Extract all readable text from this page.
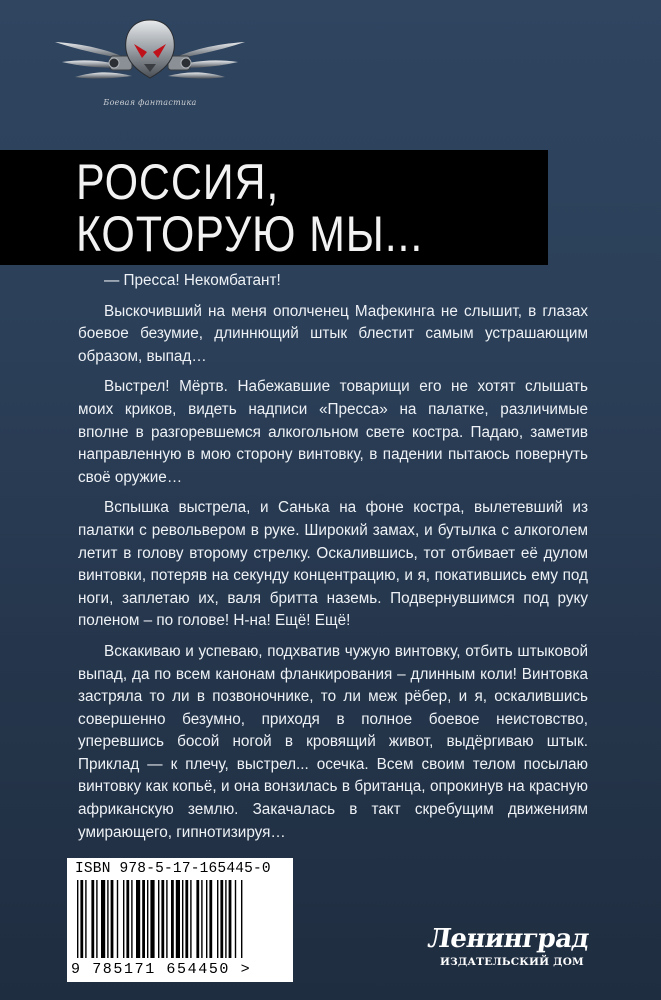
Боевая фантастика
РОССИЯ,
КОТОРУЮ МЫ...

— Пресса! Некомбатант!

Выскочивший на меня ополченец Мафекинга не слышит, в глазах боевое безумие, длиннющий штык блестит самым устрашающим образом, выпад…

Выстрел! Мёртв. Набежавшие товарищи его не хотят слышать моих криков, видеть надписи «Пресса» на палатке, различимые вполне в разгоревшемся алкогольном свете костра. Падаю, заметив направленную в мою сторону винтовку, в падении пытаюсь повернуть своё оружие…

Вспышка выстрела, и Санька на фоне костра, вылетевший из палатки с револьвером в руке. Широкий замах, и бутылка с алкоголем летит в голову второму стрелку. Оскалившись, тот отбивает её дулом винтовки, потеряв на секунду концентрацию, и я, покатившись ему под ноги, заплетаю их, валя бритта наземь. Подвернувшимся под руку поленом – по голове! Н-на! Ещё! Ещё!

Вскакиваю и успеваю, подхватив чужую винтовку, отбить штыковой выпад, да по всем канонам фланкирования – длинным коли! Винтовка застряла то ли в позвоночнике, то ли меж рёбер, и я, оскалившись совершенно безумно, приходя в полное боевое неистовство, уперевшись босой ногой в кровящий живот, выдёргиваю штык. Приклад — к плечу, выстрел... осечка. Всем своим телом посылаю винтовку как копьё, и она вонзилась в британца, опрокинув на красную африканскую землю. Закачалась в такт скребущим движениям умирающего, гипнотизируя…

ISBN 978-5-17-165445-0
9 785171 654450 >
Ленинград
ИЗДАТЕЛЬСКИЙ ДОМ
